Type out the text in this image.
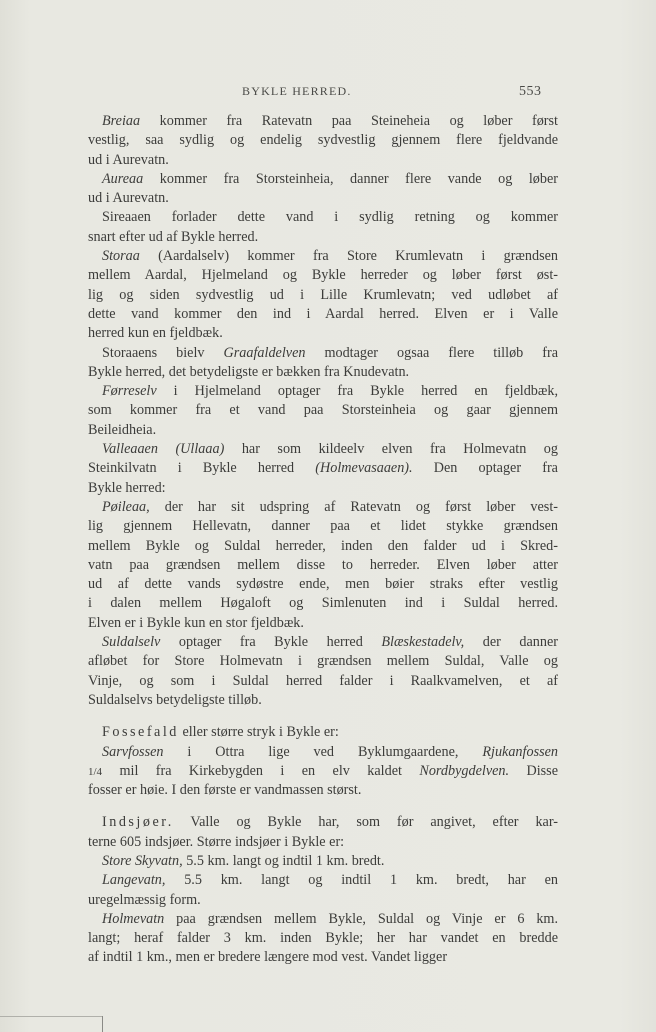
BYKLE HERRED.	553
Breiaa kommer fra Ratevatn paa Steineheia og løber først
vestlig, saa sydlig og endelig sydvestlig gjennem flere fjeldvande
ud i Aurevatn.
Aureaa kommer fra Storsteinheia, danner flere vande og løber
ud i Aurevatn.
Sireaaen forlader dette vand i sydlig retning og kommer
snart efter ud af Bykle herred.
Storaa (Aardalselv) kommer fra Store Krumlevatn i grændsen
mellem Aardal, Hjelmeland og Bykle herreder og løber først øst-
lig og siden sydvestlig ud i Lille Krumlevatn; ved udløbet af
dette vand kommer den ind i Aardal herred. Elven er i Valle
herred kun en fjeldbæk.
Storaaens bielv Graafaldelven modtager ogsaa flere tilløb fra
Bykle herred, det betydeligste er bækken fra Knudevatn.
Førreselv i Hjelmeland optager fra Bykle herred en fjeldbæk,
som kommer fra et vand paa Storsteinheia og gaar gjennem
Beileidheia.
Valleaaen (Ullaaa) har som kildeelv elven fra Holmevatn og
Steinkilvatn i Bykle herred (Holmevasaaen). Den optager fra
Bykle herred:
Pøileaa, der har sit udspring af Ratevatn og først løber vest-
lig gjennem Hellevatn, danner paa et lidet stykke grændsen
mellem Bykle og Suldal herreder, inden den falder ud i Skred-
vatn paa grændsen mellem disse to herreder. Elven løber atter
ud af dette vands sydøstre ende, men bøier straks efter vestlig
i dalen mellem Høgaloft og Simlenuten ind i Suldal herred.
Elven er i Bykle kun en stor fjeldbæk.
Suldalselv optager fra Bykle herred Blæskestadelv, der danner
afløbet for Store Holmevatn i grændsen mellem Suldal, Valle og
Vinje, og som i Suldal herred falder i Raalkvamelven, et af
Suldalselvs betydeligste tilløb.
Fossefald eller større stryk i Bykle er:
Sarvfossen i Ottra lige ved Byklumgaardene, Rjukanfossen
1/4 mil fra Kirkebygden i en elv kaldet Nordbygdelven. Disse
fosser er høie. I den første er vandmassen størst.
Indsjøer. Valle og Bykle har, som før angivet, efter kar-
terne 605 indsjøer. Større indsjøer i Bykle er:
Store Skyvatn, 5.5 km. langt og indtil 1 km. bredt.
Langevatn, 5.5 km. langt og indtil 1 km. bredt, har en
uregelmæssig form.
Holmevatn paa grændsen mellem Bykle, Suldal og Vinje er 6 km.
langt; heraf falder 3 km. inden Bykle; her har vandet en bredde
af indtil 1 km., men er bredere længere mod vest. Vandet ligger
